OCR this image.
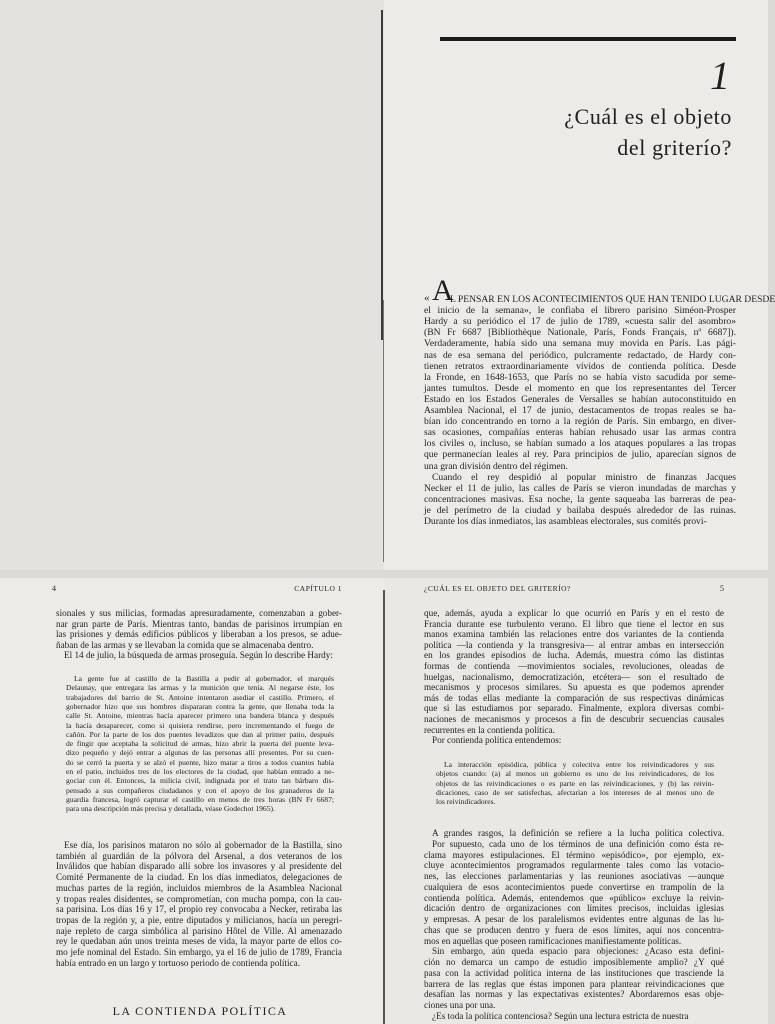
1
¿Cuál es el objeto
del griterío?
« A
L PENSAR EN LOS ACONTECIMIENTOS QUE HAN TENIDO LUGAR DESDE
el inicio de la semana», le confiaba el librero parisino Siméon-Prosper
Hardy a su periódico el 17 de julio de 1789, «cuesta salir del asombro»
(BN Fr 6687 [Bibliothèque Nationale, París, Fonds Français, nº 6687]).
Verdaderamente, había sido una semana muy movida en París. Las pági-
nas de esa semana del periódico, pulcramente redactado, de Hardy con-
tienen retratos extraordinariamente vívidos de contienda política. Desde
la Fronde, en 1648-1653, que París no se había visto sacudida por seme-
jantes tumultos. Desde el momento en que los representantes del Tercer
Estado en los Estados Generales de Versalles se habían autoconstituido en
Asamblea Nacional, el 17 de junio, destacamentos de tropas reales se ha-
bían ido concentrando en torno a la región de París. Sin embargo, en diver-
sas ocasiones, compañías enteras habían rehusado usar las armas contra
los civiles o, incluso, se habían sumado a los ataques populares a las tropas
que permanecían leales al rey. Para principios de julio, aparecían signos de
una gran división dentro del régimen.
Cuando el rey despidió al popular ministro de finanzas Jacques
Necker el 11 de julio, las calles de París se vieron inundadas de marchas y
concentraciones masivas. Esa noche, la gente saqueaba las barreras de pea-
je del perímetro de la ciudad y bailaba después alrededor de las ruinas.
Durante los días inmediatos, las asambleas electorales, sus comités provi-
4	CAPÍTULO 1
sionales y sus milicias, formadas apresuradamente, comenzaban a gober-
nar gran parte de París. Mientras tanto, bandas de parisinos irrumpían en
las prisiones y demás edificios públicos y liberaban a los presos, se adue-
ñaban de las armas y se llevaban la comida que se almacenaba dentro.
El 14 de julio, la búsqueda de armas proseguía. Según lo describe Hardy:
La gente fue al castillo de la Bastilla a pedir al gobernador, el marqués
Delaunay, que entregara las armas y la munición que tenía. Al negarse éste, los
trabajadores del barrio de St. Antoine intentaron asediar el castillo. Primero, el
gobernador hizo que sus hombres dispararan contra la gente, que llenaba toda la
calle St. Antoine, mientras hacía aparecer primero una bandera blanca y después
la hacía desaparecer, como si quisiera rendirse, pero incrementando el fuego de
cañón. Por la parte de los dos puentes levadizos que dan al primer patio, después
de fingir que aceptaba la solicitud de armas, hizo abrir la puerta del puente leva-
dizo pequeño y dejó entrar a algunas de las personas allí presentes. Por su cuen-
do se cerró la puerta y se alzó el puente, hizo matar a tiros a todos cuantos había
en el patio, incluidos tres de los electores de la ciudad, que habían entrado a ne-
gociar con él. Entonces, la milicia civil, indignada por el trato tan bárbaro dis-
pensado a sus compañeros ciudadanos y con el apoyo de los granaderos de la
guardia francesa, logró capturar el castillo en menos de tres horas (BN Fr 6687;
para una descripción más precisa y detallada, véase Godechot 1965).
Ese día, los parisinos mataron no sólo al gobernador de la Bastilla, sino
también al guardián de la pólvora del Arsenal, a dos veteranos de los
Inválidos que habían disparado allí sobre los invasores y al presidente del
Comité Permanente de la ciudad. En los días inmediatos, delegaciones de
muchas partes de la región, incluidos miembros de la Asamblea Nacional
y tropas reales disidentes, se comprometían, con mucha pompa, con la cau-
sa parisina. Los días 16 y 17, el propio rey convocaba a Necker, retiraba las
tropas de la región y, a pie, entre diputados y milicianos, hacía un peregri-
naje repleto de carga simbólica al parisino Hôtel de Ville. Al amenazado
rey le quedaban aún unos treinta meses de vida, la mayor parte de ellos co-
mo jefe nominal del Estado. Sin embargo, ya el 16 de julio de 1789, Francia
había entrado en un largo y tortuoso periodo de contienda política.
LA CONTIENDA POLÍTICA
¿CUÁL ES EL OBJETO DEL GRITERÍO?	5
que, además, ayuda a explicar lo que ocurrió en París y en el resto de
Francia durante ese turbulento verano. El libro que tiene el lector en sus
manos examina también las relaciones entre dos variantes de la contienda
política —la contienda y la transgresiva— al entrar ambas en intersección
en los grandes episodios de lucha. Además, muestra cómo las distintas
formas de contienda —movimientos sociales, revoluciones, oleadas de
huelgas, nacionalismo, democratización, etcétera— son el resultado de
mecanismos y procesos similares. Su apuesta es que podemos aprender
más de todas ellas mediante la comparación de sus respectivas dinámicas
que si las estudiamos por separado. Finalmente, explora diversas combi-
naciones de mecanismos y procesos a fin de descubrir secuencias causales
recurrentes en la contienda política.
Por contienda política entendemos:
La interacción episódica, pública y colectiva entre los reivindicadores y sus
objetos cuando: (a) al menos un gobierno es uno de los reivindicadores, de los
objetos de las reivindicaciones o es parte en las reivindicaciones, y (b) las reivin-
dicaciones, caso de ser satisfechas, afectarían a los intereses de al menos uno de
los reivindicadores.
A grandes rasgos, la definición se refiere a la lucha política colectiva.
Por supuesto, cada uno de los términos de una definición como ésta re-
clama mayores estipulaciones. El término «episódico», por ejemplo, ex-
cluye acontecimientos programados regularmente tales como las votacio-
nes, las elecciones parlamentarias y las reuniones asociativas —aunque
cualquiera de esos acontecimientos puede convertirse en trampolín de la
contienda política. Además, entendemos que «público» excluye la reivin-
dicación dentro de organizaciones con límites precisos, incluidas iglesias
y empresas. A pesar de los paralelismos evidentes entre algunas de las lu-
chas que se producen dentro y fuera de esos límites, aquí nos concentra-
mos en aquellas que poseen ramificaciones manifiestamente políticas.
Sin embargo, aún queda espacio para objeciones: ¿Acaso esta defini-
ción no demarca un campo de estudio imposiblemente amplio? ¿Y qué
pasa con la actividad política interna de las instituciones que trasciende la
barrera de las reglas que éstas imponen para plantear reivindicaciones que
desafían las normas y las expectativas existentes? Abordaremos esas obje-
ciones una por una.
¿Es toda la política contenciosa? Según una lectura estricta de nuestra
